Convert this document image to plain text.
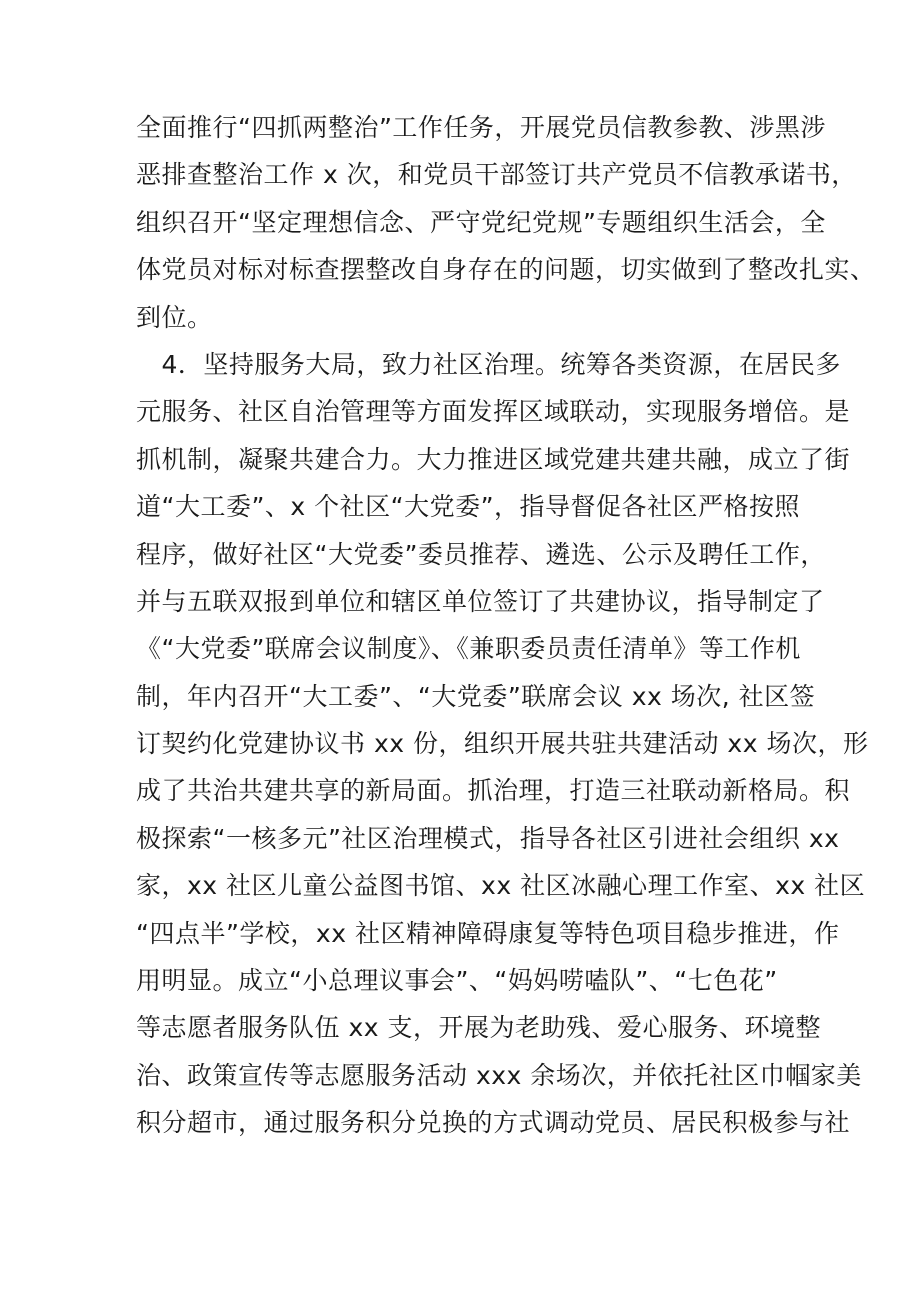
全面推行“四抓两整治”工作任务，开展党员信教参教、涉黑涉
恶排查整治工作 x 次，和党员干部签订共产党员不信教承诺书，
组织召开“坚定理想信念、严守党纪党规”专题组织生活会，全
体党员对标对标查摆整改自身存在的问题，切实做到了整改扎实、
到位。
　4．坚持服务大局，致力社区治理。统筹各类资源，在居民多
元服务、社区自治管理等方面发挥区域联动，实现服务增倍。是
抓机制，凝聚共建合力。大力推进区域党建共建共融，成立了街
道“大工委”、x 个社区“大党委”，指导督促各社区严格按照
程序，做好社区“大党委”委员推荐、遴选、公示及聘任工作，
并与五联双报到单位和辖区单位签订了共建协议，指导制定了
《“大党委”联席会议制度》、《兼职委员责任清单》等工作机
制，年内召开“大工委”、“大党委”联席会议 xx 场次, 社区签
订契约化党建协议书 xx 份，组织开展共驻共建活动 xx 场次，形
成了共治共建共享的新局面。抓治理，打造三社联动新格局。积
极探索“一核多元”社区治理模式，指导各社区引进社会组织 xx
家，xx 社区儿童公益图书馆、xx 社区冰融心理工作室、xx 社区
“四点半”学校，xx 社区精神障碍康复等特色项目稳步推进，作
用明显。成立“小总理议事会”、“妈妈唠嗑队”、“七色花”
等志愿者服务队伍 xx 支，开展为老助残、爱心服务、环境整
治、政策宣传等志愿服务活动 xxx 余场次，并依托社区巾帼家美
积分超市，通过服务积分兑换的方式调动党员、居民积极参与社
